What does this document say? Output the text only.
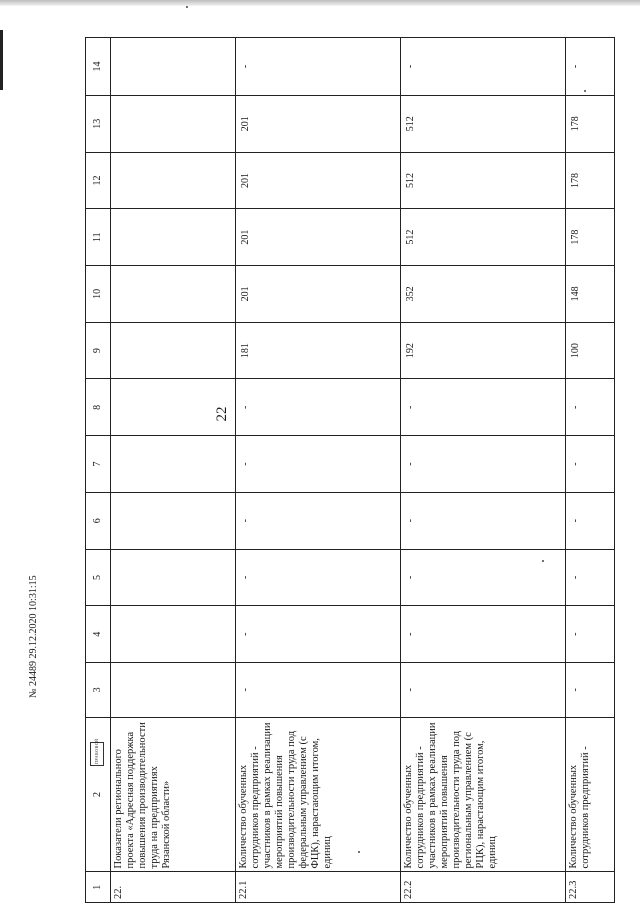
22
1	2	3	4	5	6	7	8	9	10	11	12	13	14
22.	Показатели регионального проекта «Адресная поддержка повышения производительности труда на предприятиях Рязанской области»												
22.1	Количество обученных сотрудников предприятий - участников в рамках реализации мероприятий повышения производительности труда под федеральным управлением (с ФЦК), нарастающим итогом, единиц	-	-	-	-	-	-	181	201	201	201	201	-
22.2	Количество обученных сотрудников предприятий - участников в рамках реализации мероприятий повышения производительности труда под региональным управлением (с РЦК), нарастающим итогом, единиц	-	-	-	-	-	-	192	352	512	512	512	-
22.3	Количество обученных сотрудников предприятий -	-	-	-	-	-	-	100	148	178	178	178	-
№ 24489 29.12.2020 10:31:15
ПРАВОВОЙ
